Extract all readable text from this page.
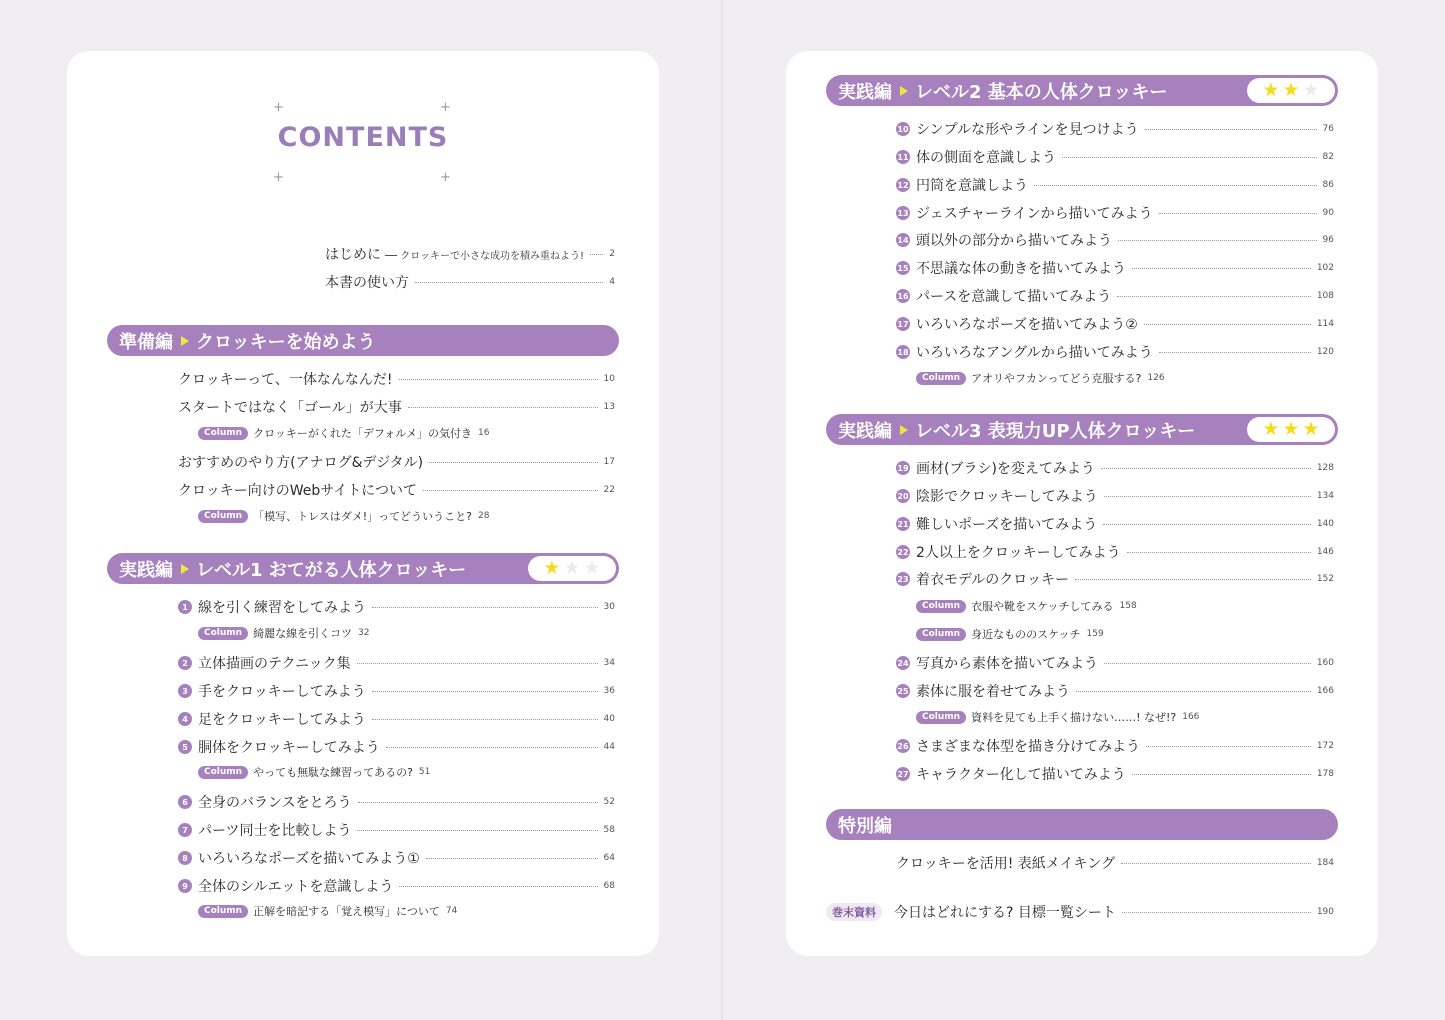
+	+
+	+
CONTENTS
はじめに ── クロッキーで小さな成功を積み重ねよう!	2
本書の使い方	4
準備編 クロッキーを始めよう
クロッキーって、一体なんなんだ!	10
スタートではなく「ゴール」が大事	13
Column	クロッキーがくれた「デフォルメ」の気付き 16
おすすめのやり方(アナログ&デジタル)	17
クロッキー向けのWebサイトについて	22
Column	「模写、トレスはダメ!」ってどういうこと? 28
実践編 レベル1 おてがる人体クロッキー	★ ★ ★
1 線を引く練習をしてみよう	30
Column	綺麗な線を引くコツ 32
2 立体描画のテクニック集	34
3 手をクロッキーしてみよう	36
4 足をクロッキーしてみよう	40
5 胴体をクロッキーしてみよう	44
Column	やっても無駄な練習ってあるの? 51
6 全身のバランスをとろう	52
7 パーツ同士を比較しよう	58
8 いろいろなポーズを描いてみよう①	64
9 全体のシルエットを意識しよう	68
Column	正解を暗記する「覚え模写」について 74
実践編 レベル2 基本の人体クロッキー	★ ★ ★
10 シンプルな形やラインを見つけよう	76
11 体の側面を意識しよう	82
12 円筒を意識しよう	86
13 ジェスチャーラインから描いてみよう	90
14 頭以外の部分から描いてみよう	96
15 不思議な体の動きを描いてみよう	102
16 パースを意識して描いてみよう	108
17 いろいろなポーズを描いてみよう②	114
18 いろいろなアングルから描いてみよう	120
Column	アオリやフカンってどう克服する? 126
実践編 レベル3 表現力UP人体クロッキー	★ ★ ★
19 画材(ブラシ)を変えてみよう	128
20 陰影でクロッキーしてみよう	134
21 難しいポーズを描いてみよう	140
22 2人以上をクロッキーしてみよう	146
23 着衣モデルのクロッキー	152
Column	衣服や靴をスケッチしてみる 158
Column	身近なもののスケッチ 159
24 写真から素体を描いてみよう	160
25 素体に服を着せてみよう	166
Column	資料を見ても上手く描けない……! なぜ!? 166
26 さまざまな体型を描き分けてみよう	172
27 キャラクター化して描いてみよう	178
特別編
クロッキーを活用! 表紙メイキング	184
巻末資料	今日はどれにする? 目標一覧シート	190
